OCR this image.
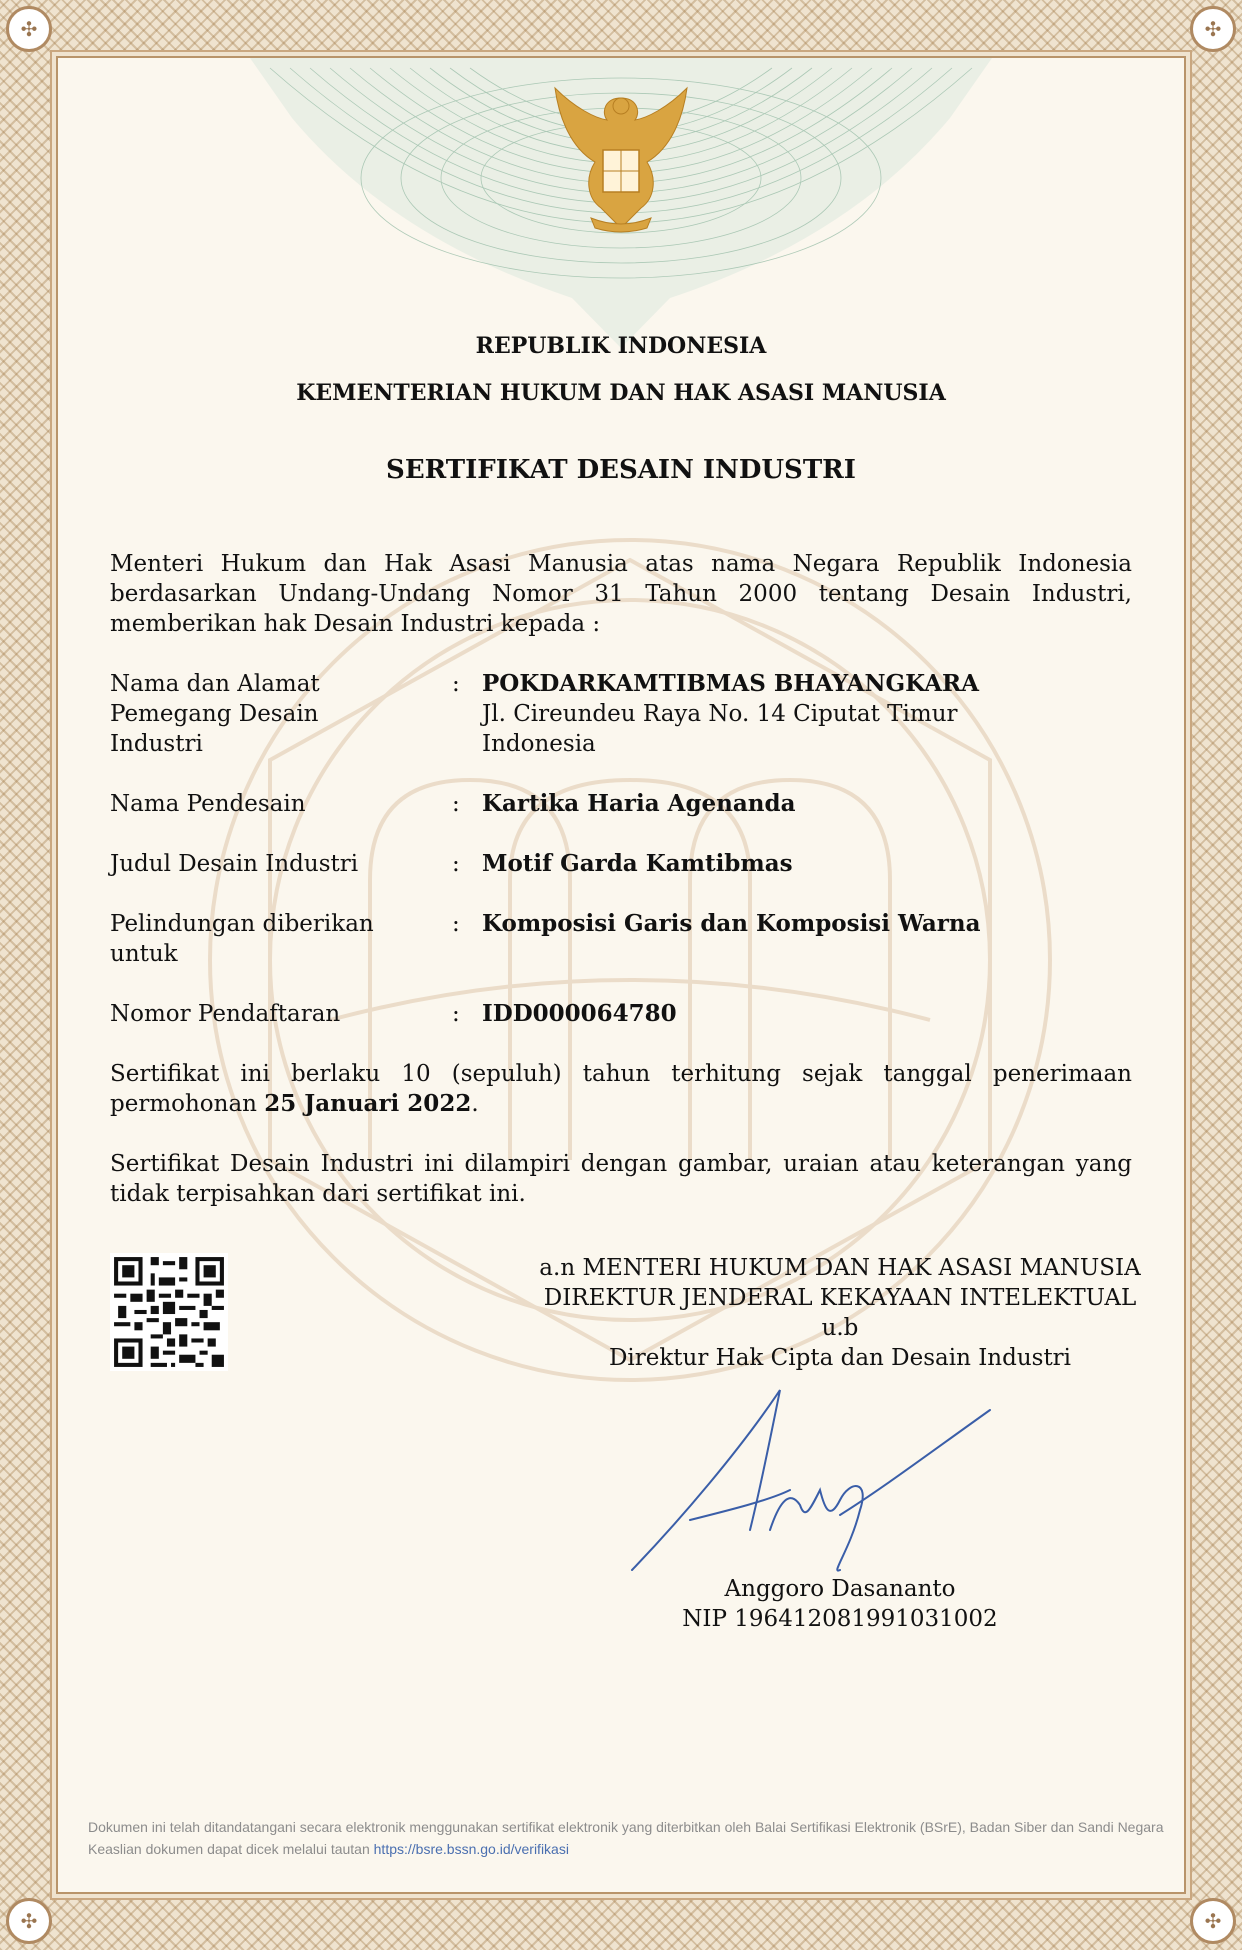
✣	✣
✣	✣
REPUBLIK INDONESIA
KEMENTERIAN HUKUM DAN HAK ASASI MANUSIA
SERTIFIKAT DESAIN INDUSTRI
Menteri Hukum dan Hak Asasi Manusia atas nama Negara Republik Indonesia berdasarkan Undang-Undang Nomor 31 Tahun 2000 tentang Desain Industri, memberikan hak Desain Industri kepada :
Nama dan Alamat Pemegang Desain Industri
: POKDARKAMTIBMAS BHAYANGKARA
Jl. Cireundeu Raya No. 14 Ciputat Timur
Indonesia
Nama Pendesain	: Kartika Haria Agenanda
Judul Desain Industri	: Motif Garda Kamtibmas
Pelindungan diberikan untuk
: Komposisi Garis dan Komposisi Warna
Nomor Pendaftaran	: IDD000064780
Sertifikat ini berlaku 10 (sepuluh) tahun terhitung sejak tanggal penerimaan permohonan 25 Januari 2022.
Sertifikat Desain Industri ini dilampiri dengan gambar, uraian atau keterangan yang tidak terpisahkan dari sertifikat ini.
a.n MENTERI HUKUM DAN HAK ASASI MANUSIA
DIREKTUR JENDERAL KEKAYAAN INTELEKTUAL
u.b
Direktur Hak Cipta dan Desain Industri
Anggoro Dasananto
NIP 196412081991031002
Dokumen ini telah ditandatangani secara elektronik menggunakan sertifikat elektronik yang diterbitkan oleh Balai Sertifikasi Elektronik (BSrE), Badan Siber dan Sandi Negara
Keaslian dokumen dapat dicek melalui tautan https://bsre.bssn.go.id/verifikasi
